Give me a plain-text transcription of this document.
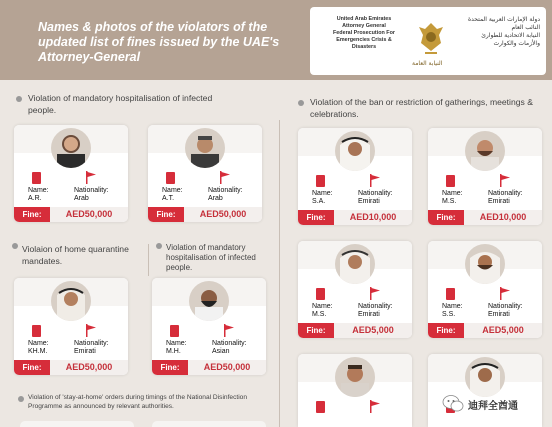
Names & photos of the violators of the updated list of fines issued by the UAE's Attorney-General
United Arab Emirates
Attorney General
Federal Prosecution For
Emergencies Crisis &
Disasters
دولة الإمارات العربية المتحدة
النائب العام
النيابة الاتحادية للطوارئ
والأزمات والكوارث
النيابة العامة
Violation of mandatory hospitalisation of infected people.
Violation of the ban or restriction of gatherings, meetings & celebrations.
Violaion of home quarantine mandates.
Violation of mandatory hospitalisation of infected people.
Violation of 'stay-at-home' orders during timings of the National Disinfection Programme as announced by relevant authorities.
Name:
A.R.
Nationality:
Arab
Fine:	AED50,000
Name:
A.T.
Nationality:
Arab
Fine:	AED50,000
Name:
KH.M.
Nationality:
Emirati
Fine:	AED50,000
Name:
M.H.
Nationality:
Asian
Fine:	AED50,000
Name:
S.A.
Nationality:
Emirati
Fine:	AED10,000
Name:
M.S.
Nationality:
Emirati
Fine:	AED10,000
Name:
M.S.
Nationality:
Emirati
Fine:	AED5,000
Name:
S.S.
Nationality:
Emirati
Fine:	AED5,000
迪拜全酋通
